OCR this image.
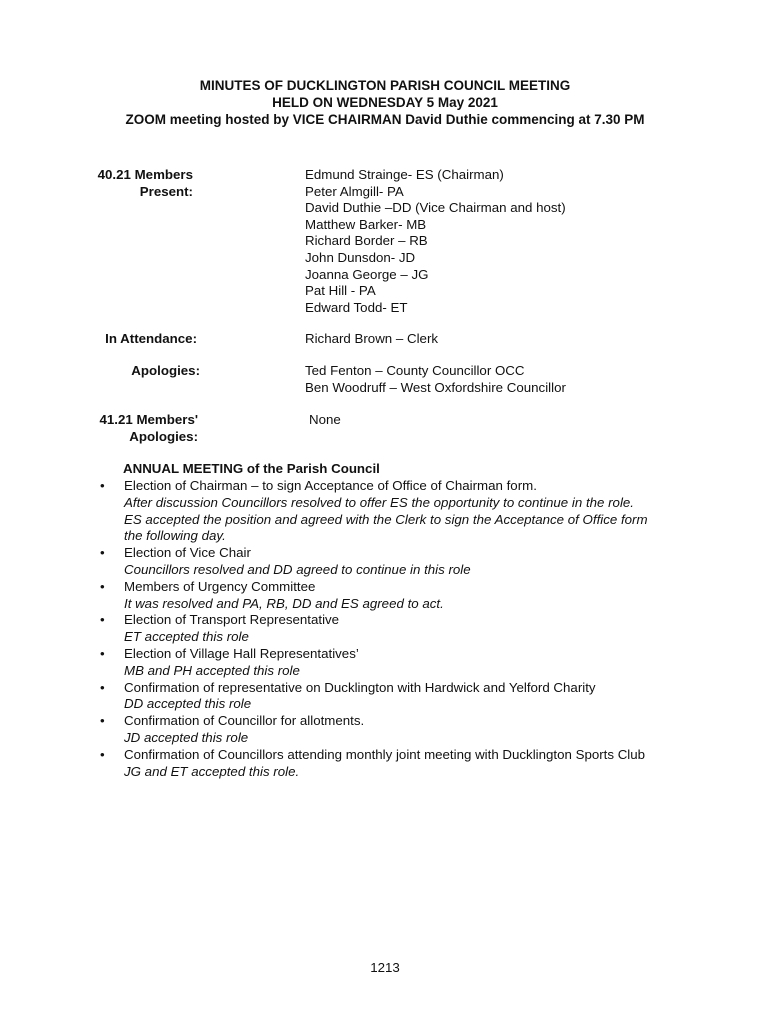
MINUTES OF DUCKLINGTON PARISH COUNCIL MEETING
HELD ON WEDNESDAY 5 May 2021
ZOOM meeting hosted by VICE CHAIRMAN David Duthie commencing at 7.30 PM
40.21 Members
Present:
Edmund Strainge- ES (Chairman)
Peter Almgill- PA
David Duthie –DD (Vice Chairman and host)
Matthew Barker- MB
Richard Border – RB
John Dunsdon- JD
Joanna George – JG
Pat Hill - PA
Edward Todd- ET
In Attendance:	Richard Brown – Clerk
Apologies:	Ted Fenton – County Councillor OCC
Ben Woodruff – West Oxfordshire Councillor
41.21 Members'
Apologies:
None
ANNUAL MEETING of the Parish Council
• Election of Chairman – to sign Acceptance of Office of Chairman form.
After discussion Councillors resolved to offer ES the opportunity to continue in the role.
ES accepted the position and agreed with the Clerk to sign the Acceptance of Office form
the following day.
• Election of Vice Chair
Councillors resolved and DD agreed to continue in this role
• Members of Urgency Committee
It was resolved and PA, RB, DD and ES agreed to act.
• Election of Transport Representative
ET accepted this role
• Election of Village Hall Representatives’
MB and PH accepted this role
• Confirmation of representative on Ducklington with Hardwick and Yelford Charity
DD accepted this role
• Confirmation of Councillor for allotments.
JD accepted this role
• Confirmation of Councillors attending monthly joint meeting with Ducklington Sports Club
JG and ET accepted this role.
1213
